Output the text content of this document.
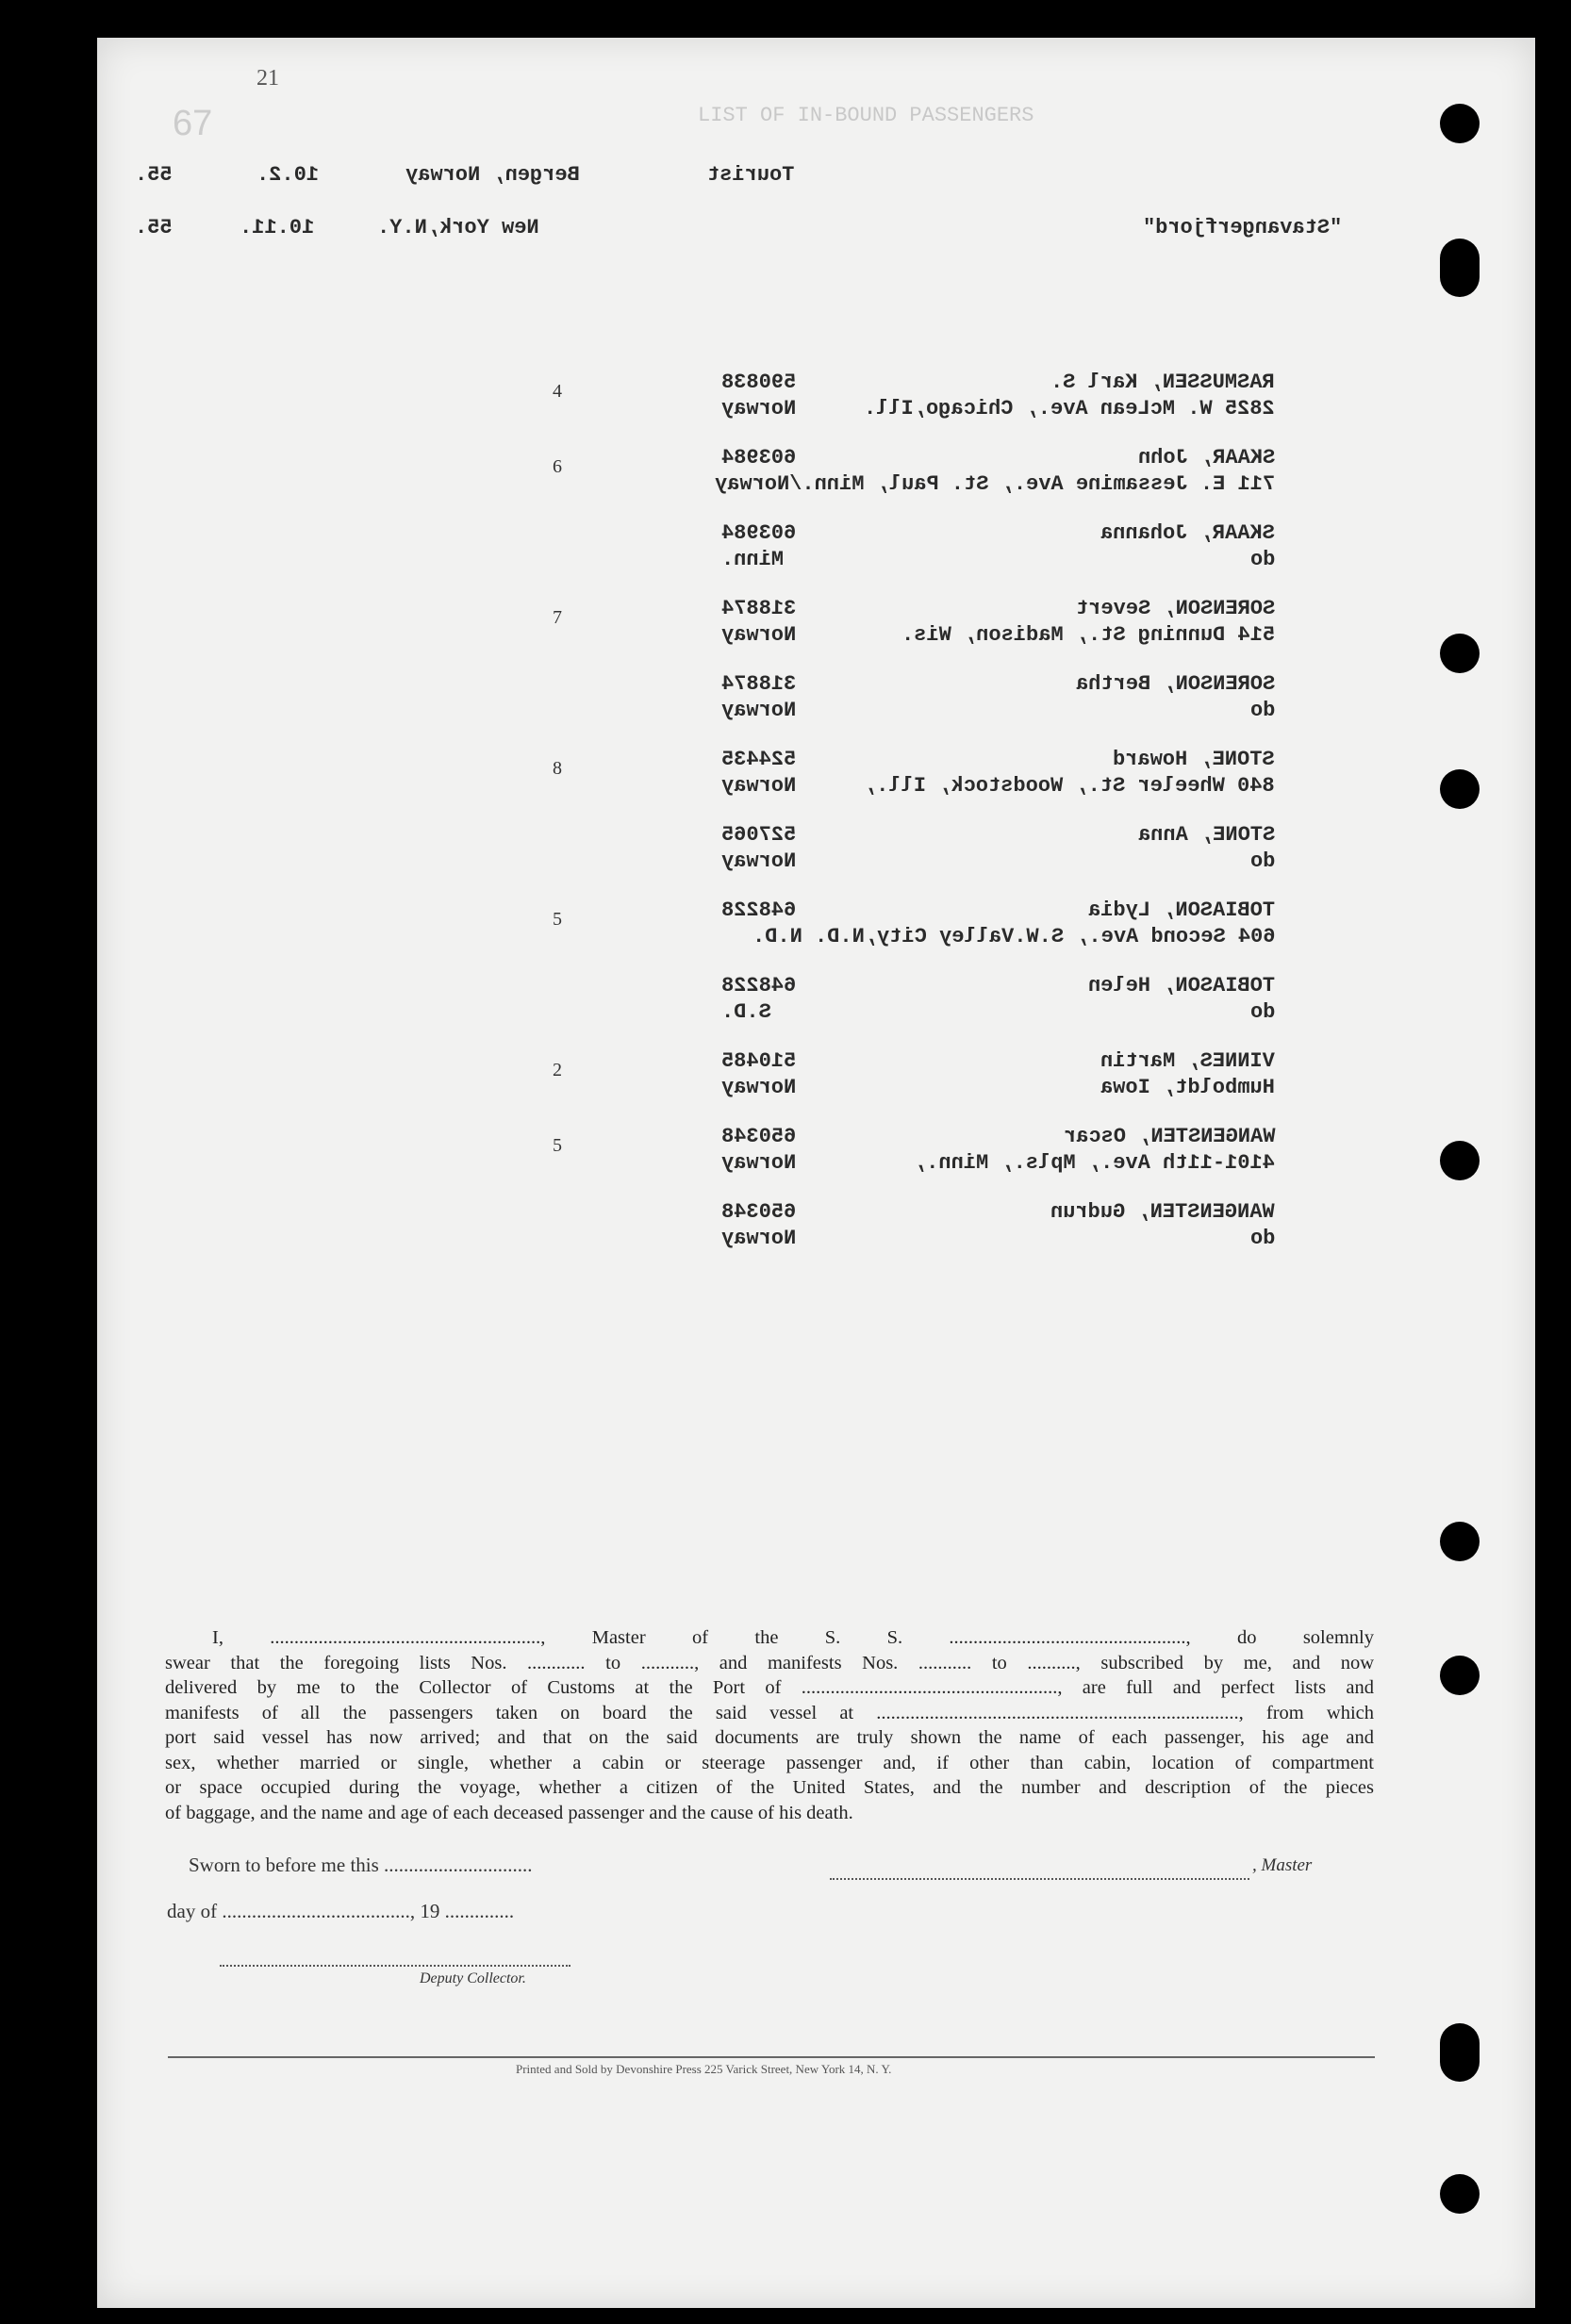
21
67	LIST OF IN-BOUND PASSENGERS
Tourist
Bergen, Norway
10.2.
55.
"Stavangerfjord"
New York,N.Y.
10.11.
55.
RASMUSSEN, Karl S.
590838
2825 W. McLean Ave., Chicago,Ill.
Norway
4
SKAAR, John
603984
711 E. Jessamine Ave., St. Paul, Minn./Norway
6
SKAAR, Johanna
603984
do
Minn.
SORENSON, Severt
318874
514 Dunning St., Madison, Wis.
Norway
7
SORENSON, Bertha
318874
do
Norway
STONE, Howard
524435
840 Wheeler St., Woodstock, Ill.,
Norway
8
STONE, Anna
527065
do
Norway
TOBIASON, Lydia
648228
604 Second Ave., S.W.Valley City,N.D. N.D.
5
TOBIASON, Helen
648228
do
S.D.
VINNES, Martin
510485
Humboldt, Iowa
Norway
2
WANGENSTEN, Oscar
650348
4101-11th Ave., Mpls., Minn.,
Norway
5
WANGENSTEN, Gudrun
650348
do
Norway
I, ........................................................, Master of the S. S. ................................................., do solemnly
swear that the foregoing lists Nos. ............ to ..........., and manifests Nos. ........... to .........., subscribed by me, and now
delivered by me to the Collector of Customs at the Port of ....................................................., are full and perfect lists and
manifests of all the passengers taken on board the said vessel at ..........................................................................., from which
port said vessel has now arrived; and that on the said documents are truly shown the name of each passenger, his age and
sex, whether married or single, whether a cabin or steerage passenger and, if other than cabin, location of compartment
or space occupied during the voyage, whether a citizen of the United States, and the number and description of the pieces
of baggage, and the name and age of each deceased passenger and the cause of his death.
Sworn to before me this ..............................	, Master
day of ......................................, 19 ..............
Deputy Collector.
Printed and Sold by Devonshire Press 225 Varick Street, New York 14, N. Y.
